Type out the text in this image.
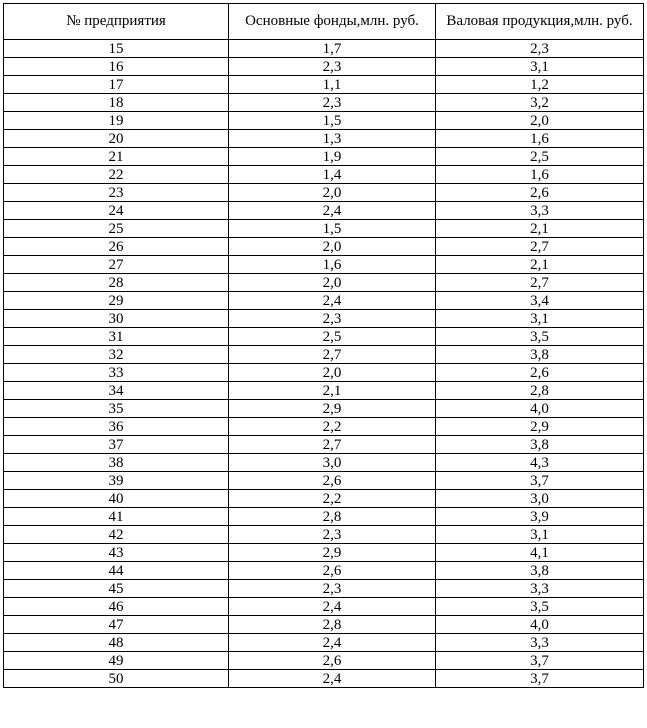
№ предприятия	Основные фонды,млн. руб.	Валовая продукция,млн. руб.
15	1,7	2,3
16	2,3	3,1
17	1,1	1,2
18	2,3	3,2
19	1,5	2,0
20	1,3	1,6
21	1,9	2,5
22	1,4	1,6
23	2,0	2,6
24	2,4	3,3
25	1,5	2,1
26	2,0	2,7
27	1,6	2,1
28	2,0	2,7
29	2,4	3,4
30	2,3	3,1
31	2,5	3,5
32	2,7	3,8
33	2,0	2,6
34	2,1	2,8
35	2,9	4,0
36	2,2	2,9
37	2,7	3,8
38	3,0	4,3
39	2,6	3,7
40	2,2	3,0
41	2,8	3,9
42	2,3	3,1
43	2,9	4,1
44	2,6	3,8
45	2,3	3,3
46	2,4	3,5
47	2,8	4,0
48	2,4	3,3
49	2,6	3,7
50	2,4	3,7
